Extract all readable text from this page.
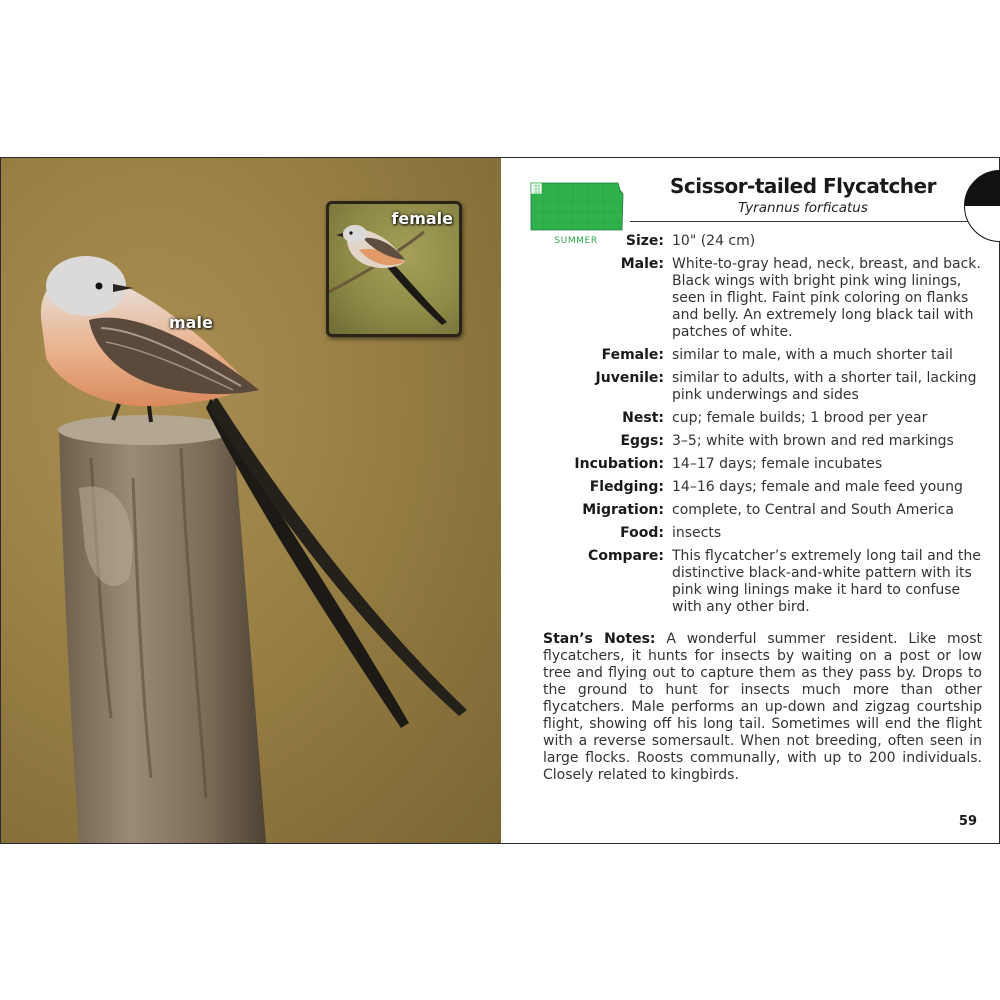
male
female
SUMMER
Scissor-tailed Flycatcher
Tyrannus forficatus
Size: 10" (24 cm)
Male: White-to-gray head, neck, breast, and back. Black wings with bright pink wing linings, seen in flight. Faint pink coloring on flanks and belly. An extremely long black tail with patches of white.
Female: similar to male, with a much shorter tail
Juvenile: similar to adults, with a shorter tail, lacking pink underwings and sides
Nest: cup; female builds; 1 brood per year
Eggs: 3–5; white with brown and red markings
Incubation: 14–17 days; female incubates
Fledging: 14–16 days; female and male feed young
Migration: complete, to Central and South America
Food: insects
Compare: This flycatcher’s extremely long tail and the distinctive black-and-white pattern with its pink wing linings make it hard to confuse with any other bird.
Stan’s Notes: A wonderful summer resident. Like most flycatchers, it hunts for insects by waiting on a post or low tree and flying out to capture them as they pass by. Drops to the ground to hunt for insects much more than other flycatchers. Male performs an up-down and zigzag courtship flight, showing off his long tail. Sometimes will end the flight with a reverse somersault. When not breeding, often seen in large flocks. Roosts communally, with up to 200 individuals. Closely related to kingbirds.
59
